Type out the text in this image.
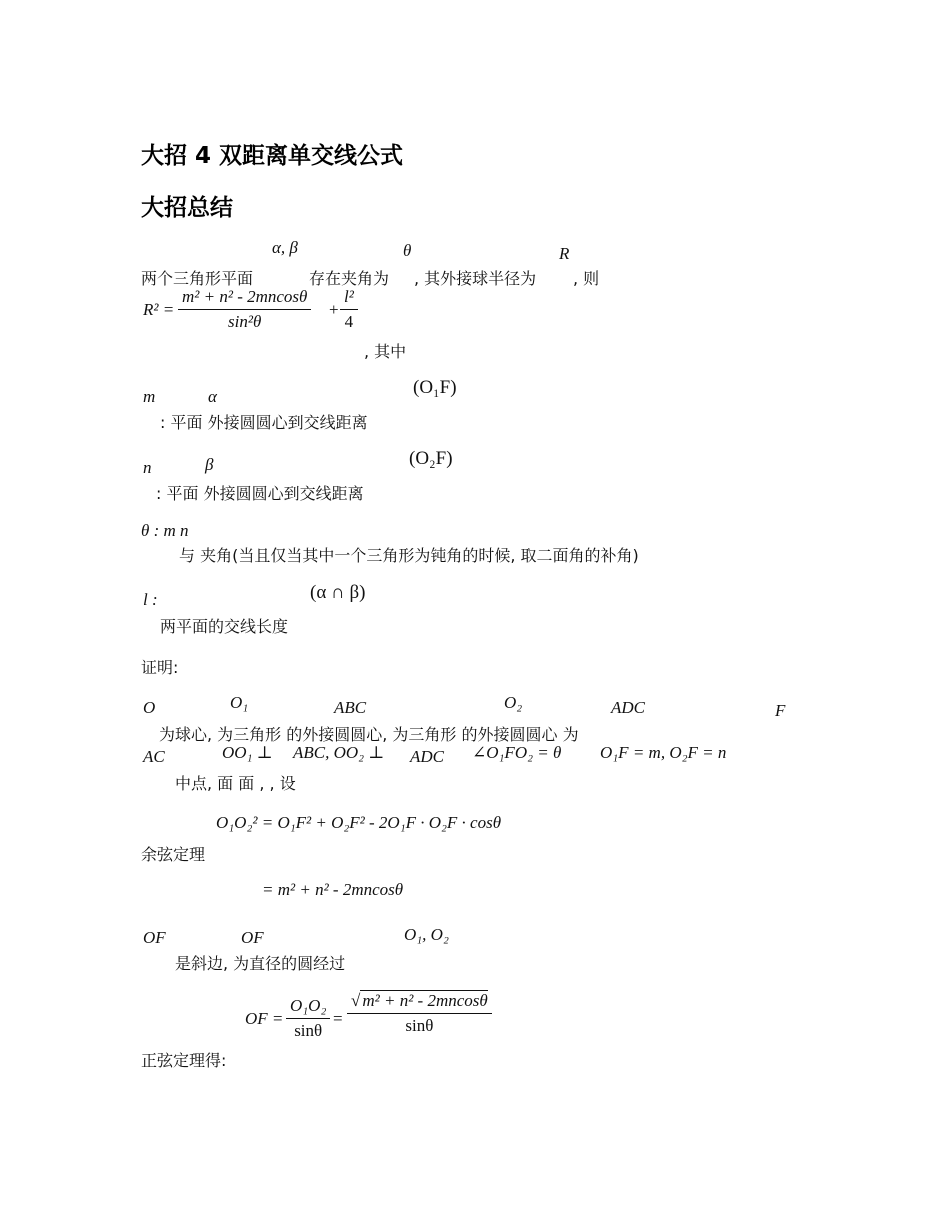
大招 4 双距离单交线公式
大招总结
α, β	θ	R
两个三角形平面	存在夹角为 , 其外接球半径为 , 则
R² =
m² + n² - 2mncosθ
sin²θ
+
l²
4
, 其中
m	α	(O₁F)
: 平面 外接圆圆心到交线距离
n	β	(O₂F)
: 平面 外接圆圆心到交线距离
θ : m n
与 夹角(当且仅当其中一个三角形为钝角的时候, 取二面角的补角)
l :	(α ∩ β)
两平面的交线长度
证明:
O	O₁	ABC	O₂	ADC	F
为球心, 为三角形 的外接圆圆心, 为三角形 的外接圆圆心 为
AC	OO₁ ⊥ ABC, OO₂ ⊥ ADC ∠O₁FO₂ = θ O₁F = m, O₂F = n
中点, 面 面 , , 设
O₁O₂² = O₁F² + O₂F² - 2O₁F · O₂F · cosθ
余弦定理
= m² + n² - 2mncosθ
OF	OF	O₁, O₂
是斜边, 为直径的圆经过
OF =
O₁O₂
sinθ
=
√ m² + n² - 2mncosθ
sinθ
正弦定理得:
